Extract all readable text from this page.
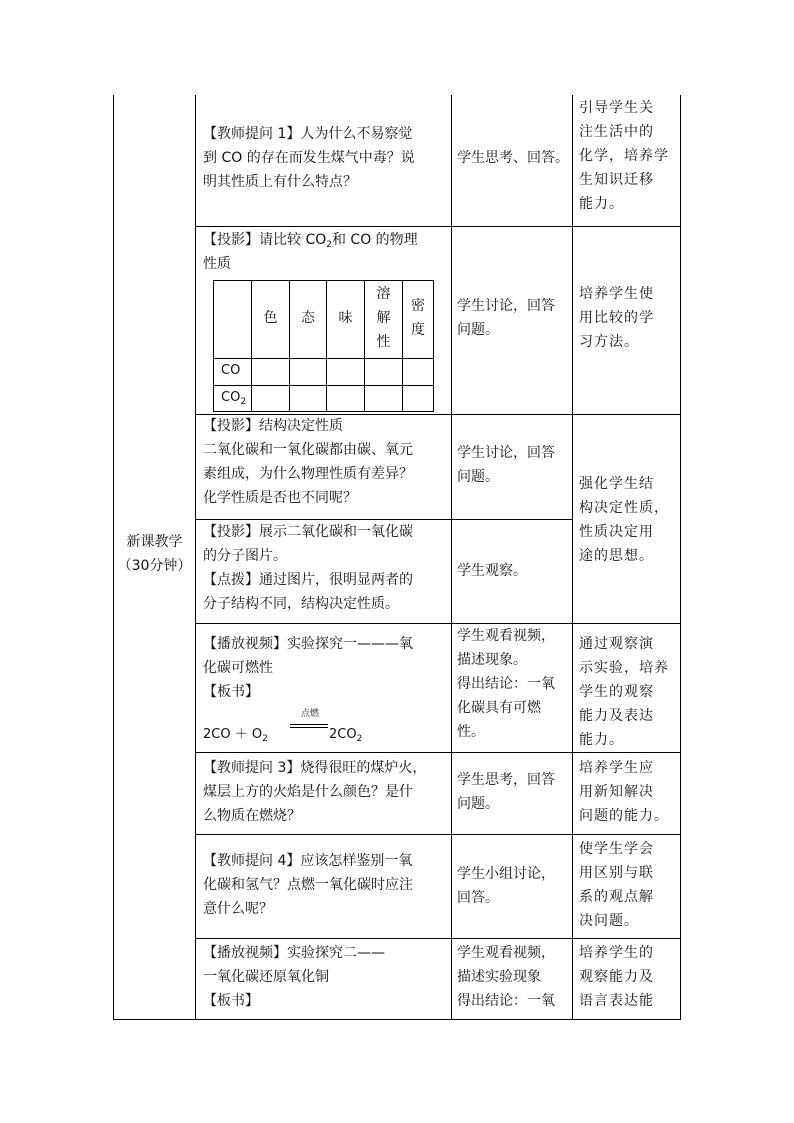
新课教学
（30分钟）
【教师提问 1】人为什么不易察觉
到 CO 的存在而发生煤气中毒？说
明其性质上有什么特点？
学生思考、回答。
引导学生关
注生活中的
化学，培养学
生知识迁移
能力。
【投影】请比较 $CO_2$和 CO 的物理
性质
色	态	味
溶
解
性
密
度
CO
$CO_2$
学生讨论，回答
问题。
培养学生使
用比较的学
习方法。
【投影】结构决定性质
二氧化碳和一氧化碳都由碳、氧元
素组成，为什么物理性质有差异？
化学性质是否也不同呢？
学生讨论，回答
问题。
【投影】展示二氧化碳和一氧化碳
的分子图片。
【点拨】通过图片，很明显两者的
分子结构不同，结构决定性质。
学生观察。
强化学生结
构决定性质，
性质决定用
途的思想。
【播放视频】实验探究一———氧
化碳可燃性
【板书】
$2CO + O_2$
点燃
$2CO_2$
学生观看视频，
描述现象。
得出结论：一氧
化碳具有可燃
性。
通过观察演
示实验，培养
学生的观察
能力及表达
能力。
【教师提问 3】烧得很旺的煤炉火，
煤层上方的火焰是什么颜色？是什
么物质在燃烧？
学生思考，回答
问题。
培养学生应
用新知解决
问题的能力。
【教师提问 4】应该怎样鉴别一氧
化碳和氢气？点燃一氧化碳时应注
意什么呢？
学生小组讨论，
回答。
使学生学会
用区别与联
系的观点解
决问题。
【播放视频】实验探究二——
一氧化碳还原氧化铜
【板书】
学生观看视频，
描述实验现象
得出结论：一氧
培养学生的
观察能力及
语言表达能
